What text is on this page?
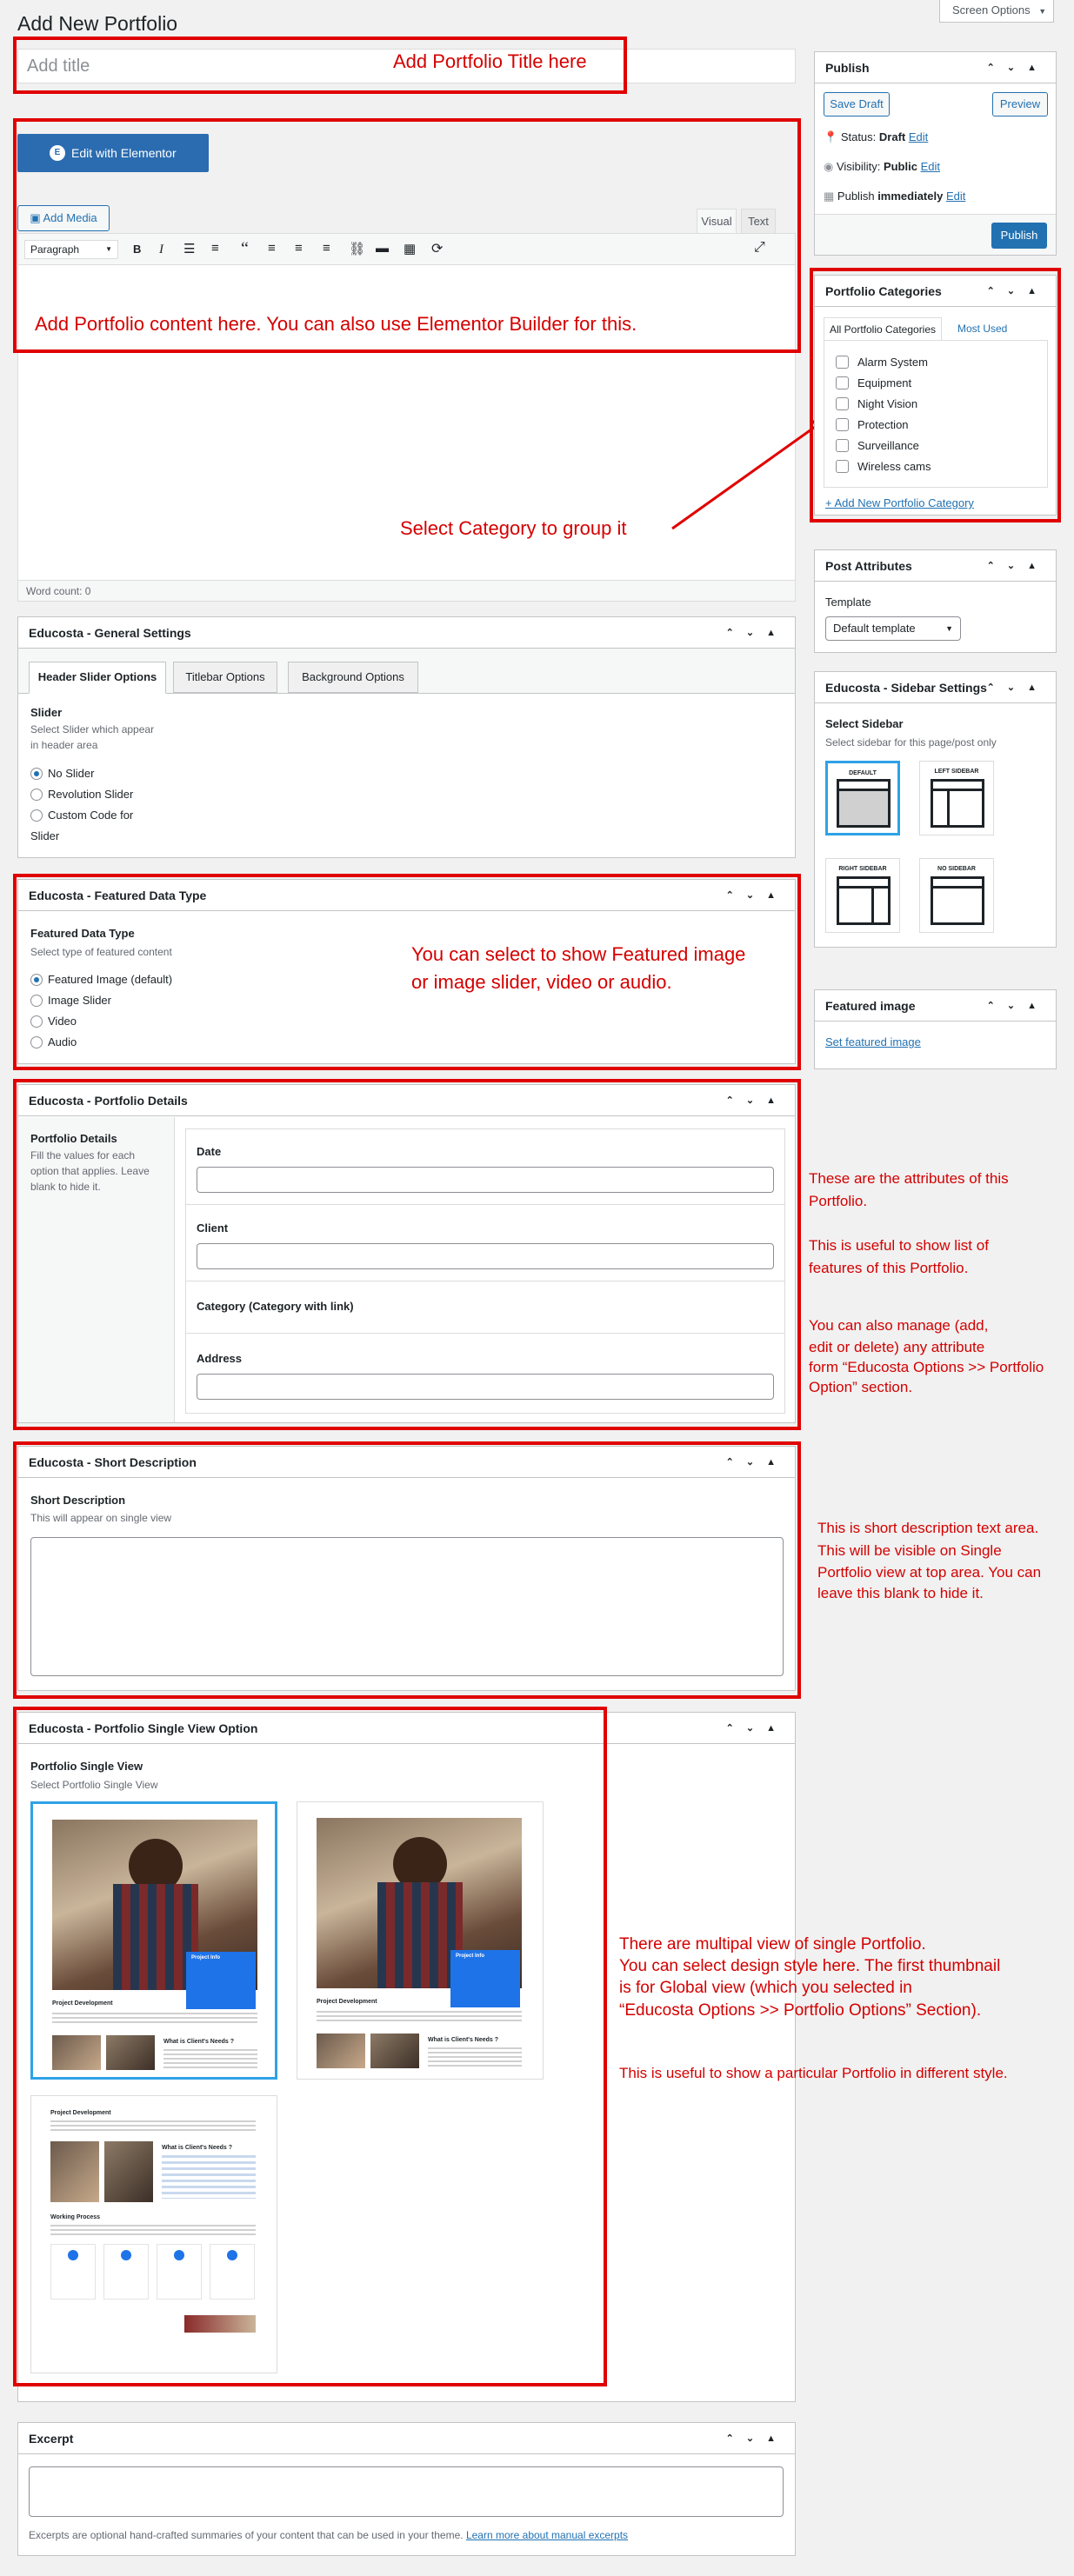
Add New Portfolio
Screen Options ▼
Add title	Add Portfolio Title here
E Edit with Elementor
▣ Add Media	Visual	Text
Paragraph	▼ B I ☰ ≡ “ ≡ ≡ ≡ ⛓ ▬ ▦ ⟳	⤢
Word count: 0
Add Portfolio content here. You can also use Elementor Builder for this.
Select Category to group it
Educosta - General Settings	⌃⌄▲
Header Slider Options	Titlebar Options	Background Options
Slider
Select Slider which appear
in header area
No Slider
Revolution Slider
Custom Code for
Slider
Educosta - Featured Data Type	⌃⌄▲
Featured Data Type
Select type of featured content
Featured Image (default)
Image Slider
Video
Audio
You can select to show Featured image
or image slider, video or audio.
Educosta - Portfolio Details	⌃⌄▲
Portfolio Details
Fill the values for each
option that applies. Leave
blank to hide it.
Date
Client
Category (Category with link)
Address
These are the attributes of this
Portfolio.
This is useful to show list of
features of this Portfolio.
You can also manage (add,
edit or delete) any attribute
form “Educosta Options >> Portfolio
Option” section.
Educosta - Short Description	⌃⌄▲
Short Description
This will appear on single view
This is short description text area.
This will be visible on Single
Portfolio view at top area. You can
leave this blank to hide it.
Educosta - Portfolio Single View Option	⌃⌄▲
Portfolio Single View
Select Portfolio Single View
Project Info
Project Development
What is Client's Needs ?
Project Info
Project Development
What is Client's Needs ?
Project Development
What is Client's Needs ?
Working Process
There are multipal view of single Portfolio.
You can select design style here. The first thumbnail
is for Global view (which you selected in
“Educosta Options >> Portfolio Options” Section).
This is useful to show a particular Portfolio in different style.
Excerpt	⌃⌄▲
Excerpts are optional hand-crafted summaries of your content that can be used in your theme. Learn more about manual excerpts
Publish	⌃⌄▲
Save Draft	Preview
📍 Status: Draft Edit
◉ Visibility: Public Edit
▦ Publish immediately Edit
Publish
Portfolio Categories	⌃⌄▲
All Portfolio Categories	Most Used
Alarm System
Equipment
Night Vision
Protection
Surveillance
Wireless cams
+ Add New Portfolio Category
Post Attributes	⌃⌄▲
Template
Default template	▼
Educosta - Sidebar Settings ⌃⌄▲
Select Sidebar
Select sidebar for this page/post only
DEFAULT	LEFT SIDEBAR
RIGHT SIDEBAR	NO SIDEBAR
Featured image	⌃⌄▲
Set featured image
